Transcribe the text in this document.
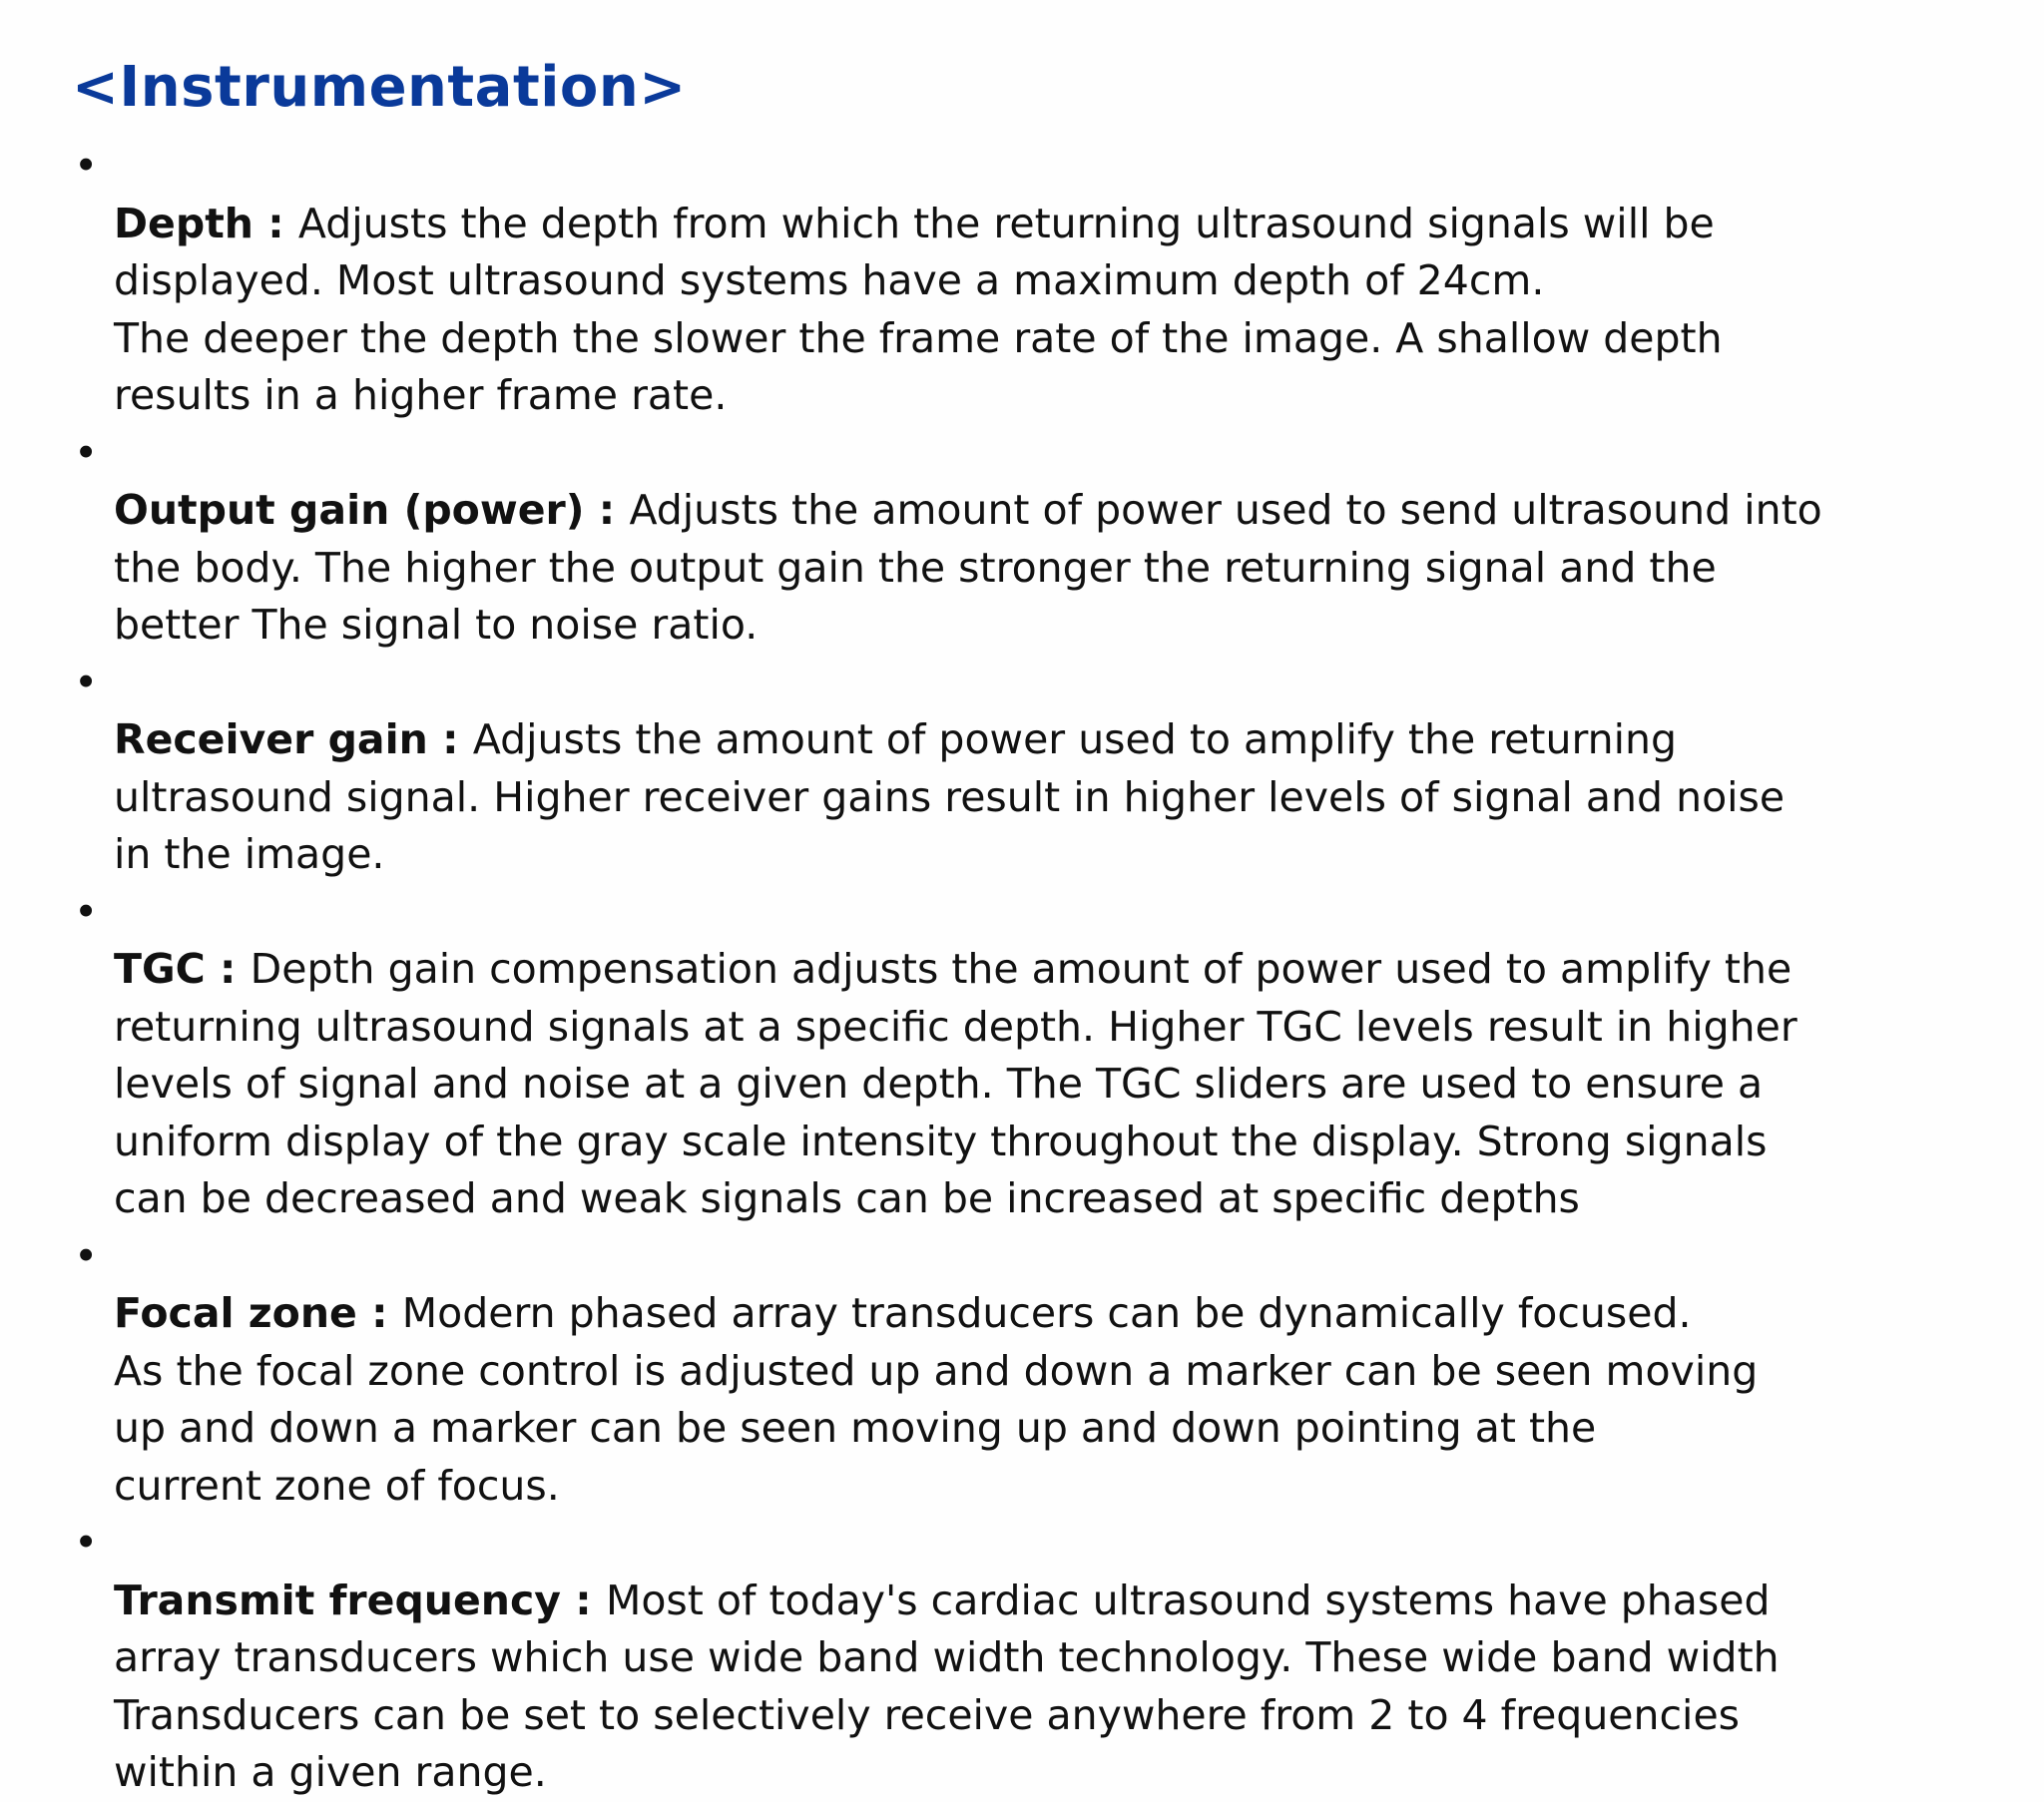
<Instrumentation>

•
Depth : Adjusts the depth from which the returning ultrasound signals will be
displayed. Most ultrasound systems have a maximum depth of 24cm.
The deeper the depth the slower the frame rate of the image. A shallow depth
results in a higher frame rate.

•
Output gain (power) : Adjusts the amount of power used to send ultrasound into
the body. The higher the output gain the stronger the returning signal and the
better The signal to noise ratio.

•
Receiver gain : Adjusts the amount of power used to amplify the returning
ultrasound signal. Higher receiver gains result in higher levels of signal and noise
in the image.

•
TGC : Depth gain compensation adjusts the amount of power used to amplify the
returning ultrasound signals at a specific depth. Higher TGC levels result in higher
levels of signal and noise at a given depth. The TGC sliders are used to ensure a
uniform display of the gray scale intensity throughout the display. Strong signals
can be decreased and weak signals can be increased at specific depths

•
Focal zone : Modern phased array transducers can be dynamically focused.
As the focal zone control is adjusted up and down a marker can be seen moving
up and down a marker can be seen moving up and down pointing at the
current zone of focus.

•
Transmit frequency : Most of today's cardiac ultrasound systems have phased
array transducers which use wide band width technology. These wide band width
Transducers can be set to selectively receive anywhere from 2 to 4 frequencies
within a given range.
